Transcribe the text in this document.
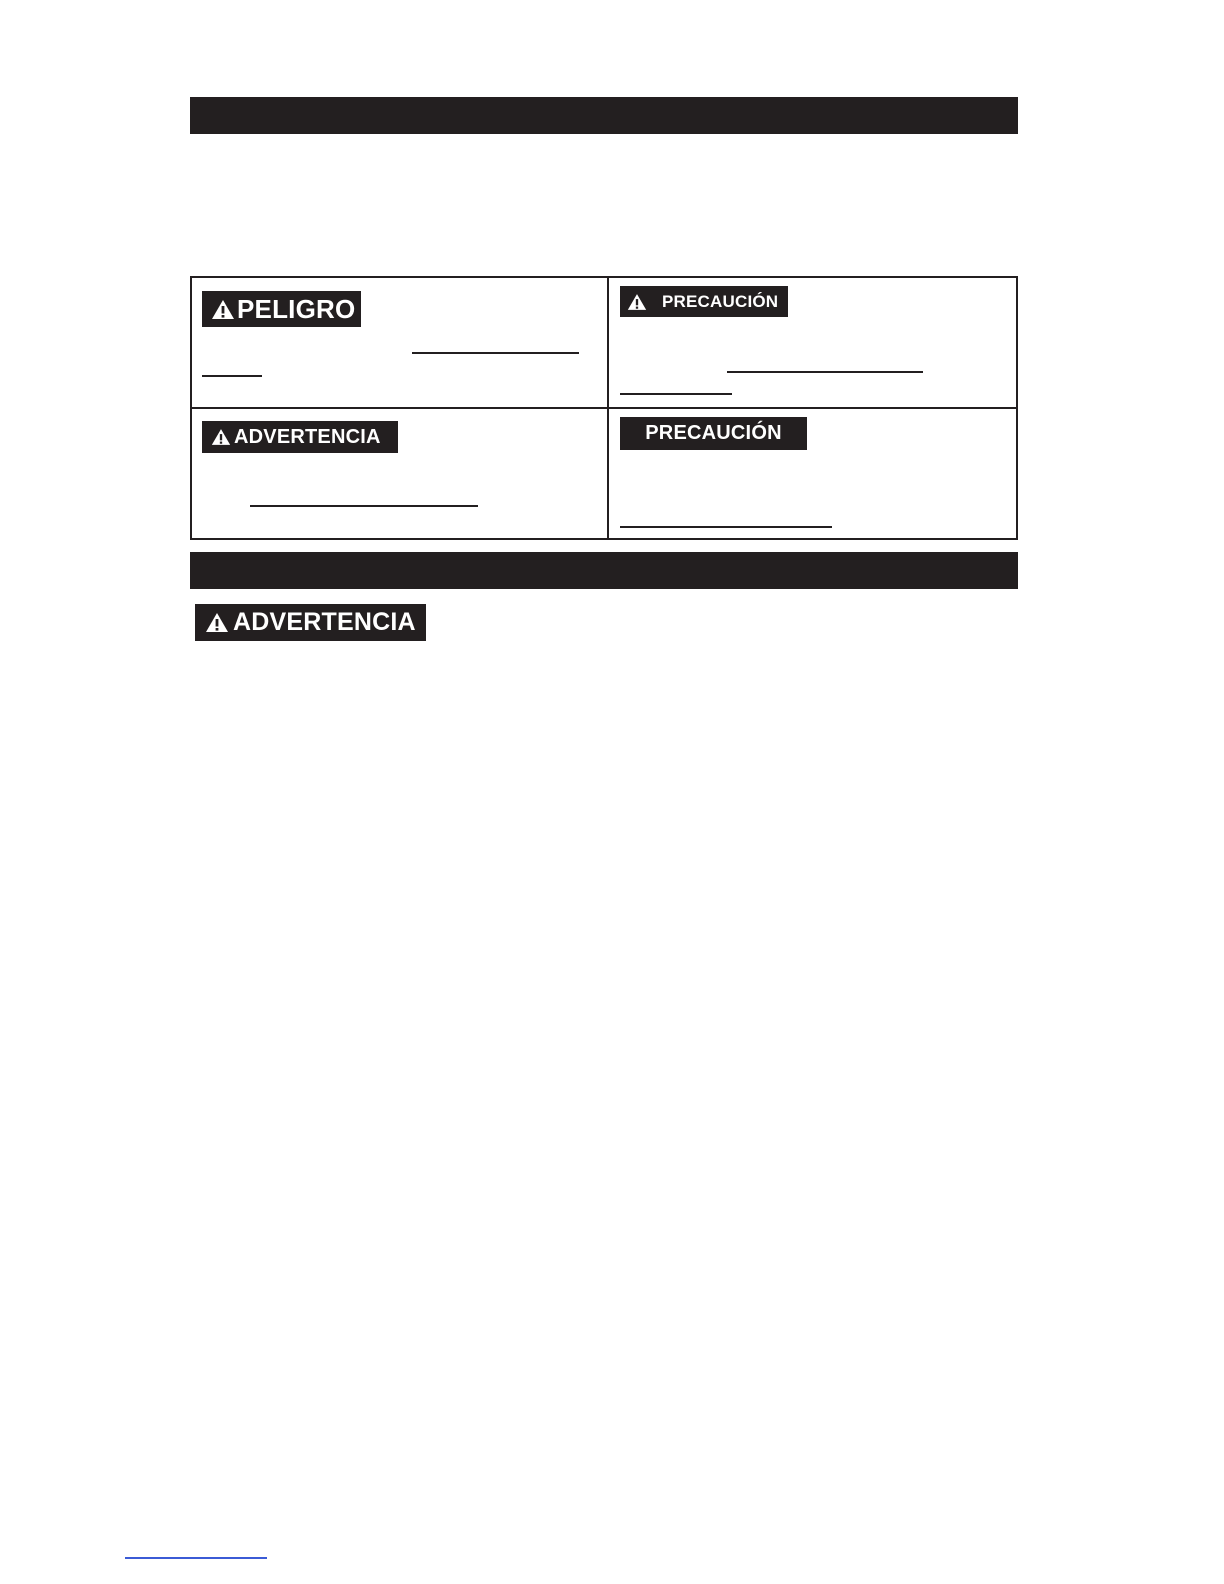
PELIGRO	PRECAUCIÓN
ADVERTENCIA	PRECAUCIÓN
ADVERTENCIA
